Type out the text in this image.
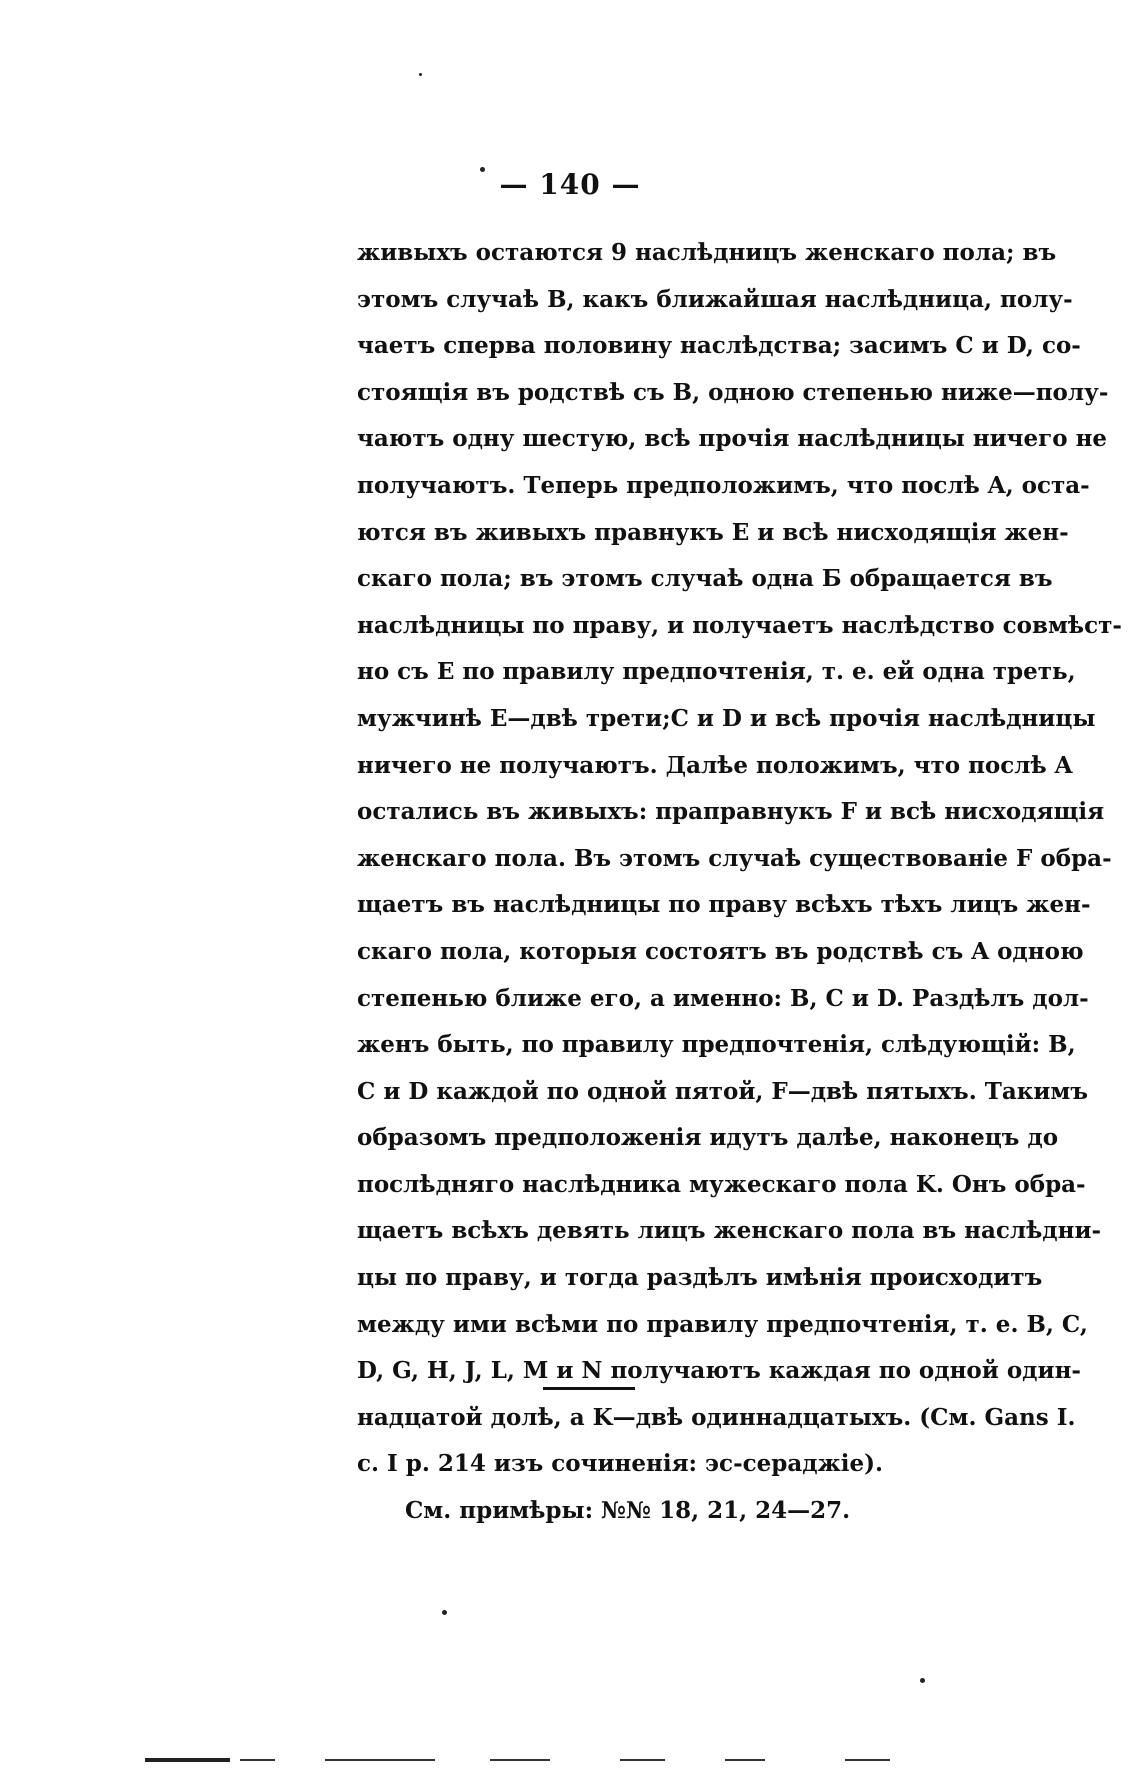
— 140 —
живыхъ остаются 9 наслѣдницъ женскаго пола; въ
этомъ случаѣ B, какъ ближайшая наслѣдница, полу-
чаетъ сперва половину наслѣдства; засимъ C и D, со-
стоящія въ родствѣ съ B, одною степенью ниже—полу-
чаютъ одну шестую, всѣ прочія наслѣдницы ничего не
получаютъ. Теперь предположимъ, что послѣ A, оста-
ются въ живыхъ правнукъ E и всѣ нисходящія жен-
скаго пола; въ этомъ случаѣ одна Б обращается въ
наслѣдницы по праву, и получаетъ наслѣдство совмѣст-
но съ E по правилу предпочтенія, т. е. ей одна треть,
мужчинѣ E—двѣ трети;C и D и всѣ прочія наслѣдницы
ничего не получаютъ. Далѣе положимъ, что послѣ A
остались въ живыхъ: праправнукъ F и всѣ нисходящія
женскаго пола. Въ этомъ случаѣ существованіе F обра-
щаетъ въ наслѣдницы по праву всѣхъ тѣхъ лицъ жен-
скаго пола, которыя состоятъ въ родствѣ съ A одною
степенью ближе его, а именно: B, C и D. Раздѣлъ дол-
женъ быть, по правилу предпочтенія, слѣдующій: B,
C и D каждой по одной пятой, F—двѣ пятыхъ. Такимъ
образомъ предположенія идутъ далѣе, наконецъ до
послѣдняго наслѣдника мужескаго пола K. Онъ обра-
щаетъ всѣхъ девять лицъ женскаго пола въ наслѣдни-
цы по праву, и тогда раздѣлъ имѣнія происходитъ
между ими всѣми по правилу предпочтенія, т. е. B, C,
D, G, H, J, L, M и N получаютъ каждая по одной один-
надцатой долѣ, а K—двѣ одиннадцатыхъ. (См. Gans I.
с. I p. 214 изъ сочиненія: эс-сераджіе).
См. примѣры: №№ 18, 21, 24—27.
